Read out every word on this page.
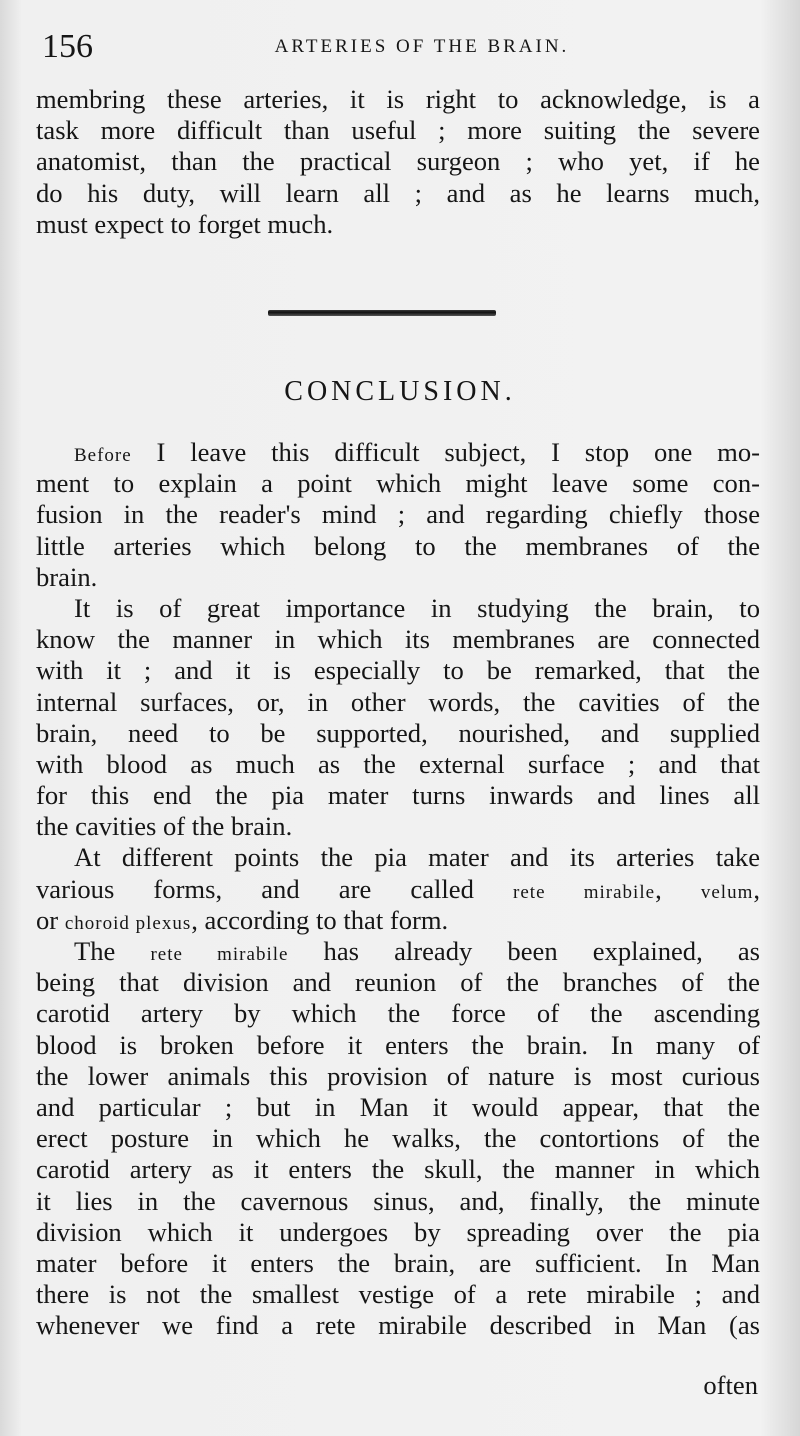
156	ARTERIES OF THE BRAIN.
membring these arteries, it is right to acknowledge, is a
task more difficult than useful ; more suiting the severe
anatomist, than the practical surgeon ; who yet, if he
do his duty, will learn all ; and as he learns much,
must expect to forget much.
CONCLUSION.
Before I leave this difficult subject, I stop one mo-
ment to explain a point which might leave some con-
fusion in the reader's mind ; and regarding chiefly those
little arteries which belong to the membranes of the
brain.
It is of great importance in studying the brain, to
know the manner in which its membranes are connected
with it ; and it is especially to be remarked, that the
internal surfaces, or, in other words, the cavities of the
brain, need to be supported, nourished, and supplied
with blood as much as the external surface ; and that
for this end the pia mater turns inwards and lines all
the cavities of the brain.
At different points the pia mater and its arteries take
various forms, and are called rete mirabile, velum,
or choroid plexus, according to that form.
The rete mirabile has already been explained, as
being that division and reunion of the branches of the
carotid artery by which the force of the ascending
blood is broken before it enters the brain. In many of
the lower animals this provision of nature is most curious
and particular ; but in Man it would appear, that the
erect posture in which he walks, the contortions of the
carotid artery as it enters the skull, the manner in which
it lies in the cavernous sinus, and, finally, the minute
division which it undergoes by spreading over the pia
mater before it enters the brain, are sufficient. In Man
there is not the smallest vestige of a rete mirabile ; and
whenever we find a rete mirabile described in Man (as
often
